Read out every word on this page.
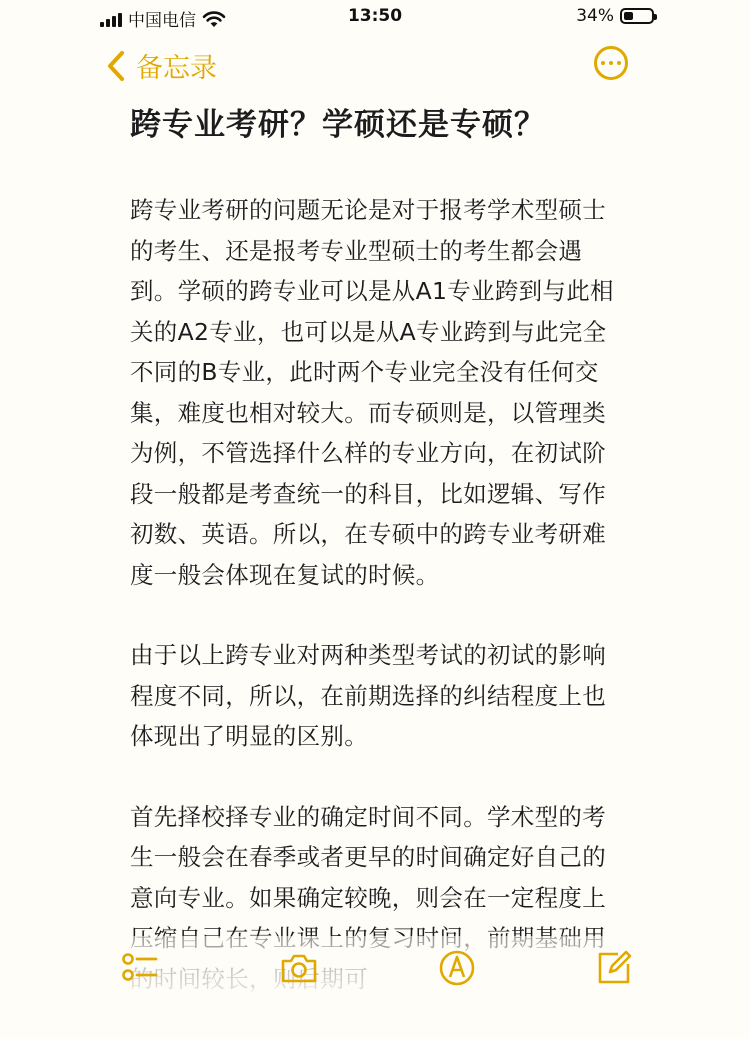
中国电信	13:50	34%
备忘录
跨专业考研？学硕还是专硕？

跨专业考研的问题无论是对于报考学术型硕士的考生、还是报考专业型硕士的考生都会遇到。学硕的跨专业可以是从A1专业跨到与此相关的A2专业，也可以是从A专业跨到与此完全不同的B专业，此时两个专业完全没有任何交集，难度也相对较大。而专硕则是，以管理类为例，不管选择什么样的专业方向，在初试阶段一般都是考查统一的科目，比如逻辑、写作初数、英语。所以，在专硕中的跨专业考研难度一般会体现在复试的时候。

由于以上跨专业对两种类型考试的初试的影响程度不同，所以，在前期选择的纠结程度上也体现出了明显的区别。

首先择校择专业的确定时间不同。学术型的考生一般会在春季或者更早的时间确定好自己的意向专业。如果确定较晚，则会在一定程度上
